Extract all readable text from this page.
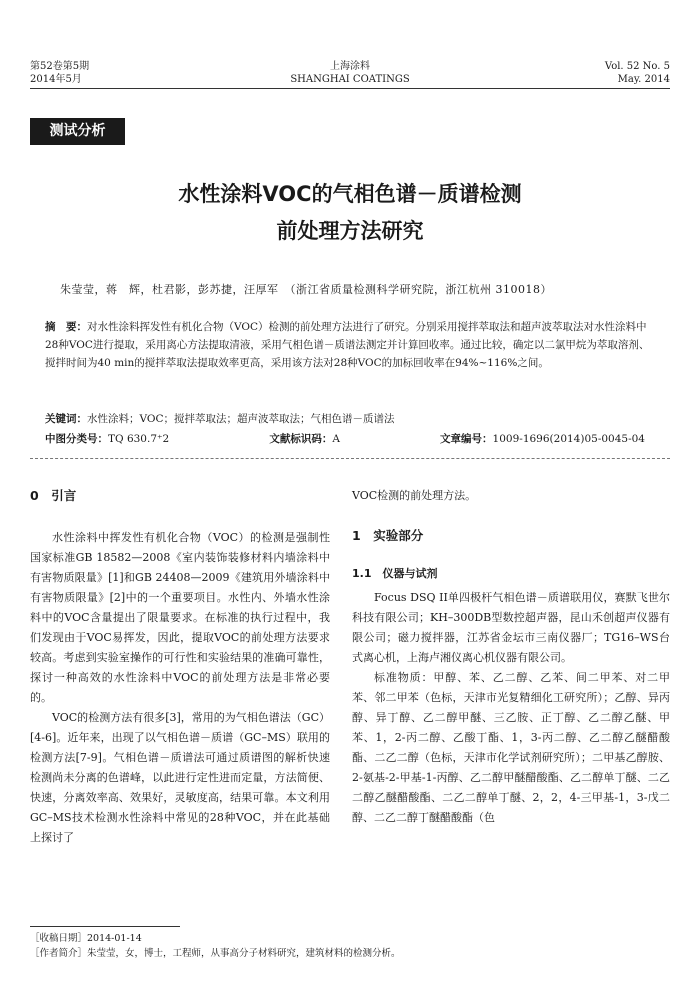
第52卷第5期
2014年5月
上海涂料
SHANGHAI COATINGS
Vol. 52 No. 5
May. 2014
测试分析
水性涂料VOC的气相色谱－质谱检测
前处理方法研究
朱莹莹，蒋　辉，杜君影，彭苏捷，汪厚军　（浙江省质量检测科学研究院，浙江杭州 310018）
摘　要：对水性涂料挥发性有机化合物（VOC）检测的前处理方法进行了研究。分别采用搅拌萃取法和超声波萃取法对水性涂料中28种VOC进行提取，采用离心方法提取清液，采用气相色谱－质谱法测定并计算回收率。通过比较，确定以二氯甲烷为萃取溶剂、搅拌时间为40 min的搅拌萃取法提取效率更高，采用该方法对28种VOC的加标回收率在94%~116%之间。
关键词：水性涂料；VOC；搅拌萃取法；超声波萃取法；气相色谱－质谱法
中图分类号：TQ 630.7⁺2	文献标识码：A	文章编号：1009-1696(2014)05-0045-04
0　引言

水性涂料中挥发性有机化合物（VOC）的检测是强制性国家标准GB 18582—2008《室内装饰装修材料内墙涂料中有害物质限量》[1]和GB 24408—2009《建筑用外墙涂料中有害物质限量》[2]中的一个重要项目。水性内、外墙水性涂料中的VOC含量提出了限量要求。在标准的执行过程中，我们发现由于VOC易挥发，因此，提取VOC的前处理方法要求较高。考虑到实验室操作的可行性和实验结果的准确可靠性，探讨一种高效的水性涂料中VOC的前处理方法是非常必要的。

VOC的检测方法有很多[3]，常用的为气相色谱法（GC）[4-6]。近年来，出现了以气相色谱－质谱（GC–MS）联用的检测方法[7-9]。气相色谱－质谱法可通过质谱图的解析快速检测尚未分离的色谱峰，以此进行定性进而定量，方法简便、快速，分离效率高、效果好，灵敏度高，结果可靠。本文利用GC–MS技术检测水性涂料中常见的28种VOC，并在此基础上探讨了

VOC检测的前处理方法。

1　实验部分
1.1　仪器与试剂

Focus DSQ II单四极杆气相色谱－质谱联用仪，赛默飞世尔科技有限公司；KH–300DB型数控超声器，昆山禾创超声仪器有限公司；磁力搅拌器，江苏省金坛市三南仪器厂；TG16–WS台式离心机，上海卢湘仪离心机仪器有限公司。

标准物质：甲醇、苯、乙二醇、乙苯、间二甲苯、对二甲苯、邻二甲苯（色标，天津市光复精细化工研究所）；乙醇、异丙醇、异丁醇、乙二醇甲醚、三乙胺、正丁醇、乙二醇乙醚、甲苯、1，2-丙二醇、乙酸丁酯、1，3-丙二醇、乙二醇乙醚醋酸酯、二乙二醇（色标，天津市化学试剂研究所）；二甲基乙醇胺、2-氨基-2-甲基-1-丙醇、乙二醇甲醚醋酸酯、乙二醇单丁醚、二乙二醇乙醚醋酸酯、二乙二醇单丁醚、2，2，4-三甲基-1，3-戊二醇、二乙二醇丁醚醋酸酯（色

［收稿日期］2014-01-14
［作者简介］朱莹莹，女，博士，工程师，从事高分子材料研究，建筑材料的检测分析。
